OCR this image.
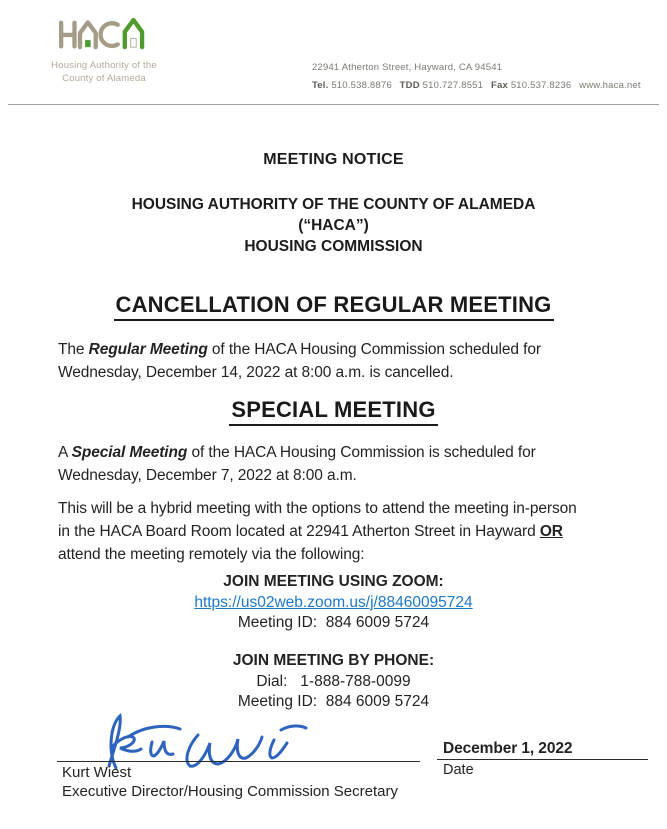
Housing Authority of the
County of Alameda
22941 Atherton Street, Hayward, CA 94541
Tel. 510.538.8876 TDD 510.727.8551 Fax 510.537.8236 www.haca.net
MEETING NOTICE
HOUSING AUTHORITY OF THE COUNTY OF ALAMEDA
(“HACA”)
HOUSING COMMISSION
CANCELLATION OF REGULAR MEETING
The Regular Meeting of the HACA Housing Commission scheduled for Wednesday, December 14, 2022 at 8:00 a.m. is cancelled.
SPECIAL MEETING
A Special Meeting of the HACA Housing Commission is scheduled for Wednesday, December 7, 2022 at 8:00 a.m.
This will be a hybrid meeting with the options to attend the meeting in-person in the HACA Board Room located at 22941 Atherton Street in Hayward OR attend the meeting remotely via the following:
JOIN MEETING USING ZOOM:
https://us02web.zoom.us/j/88460095724
Meeting ID:  884 6009 5724
JOIN MEETING BY PHONE:
Dial:   1-888-788-0099
Meeting ID:  884 6009 5724
Kurt Wiest
Executive Director/Housing Commission Secretary
December 1, 2022
Date
